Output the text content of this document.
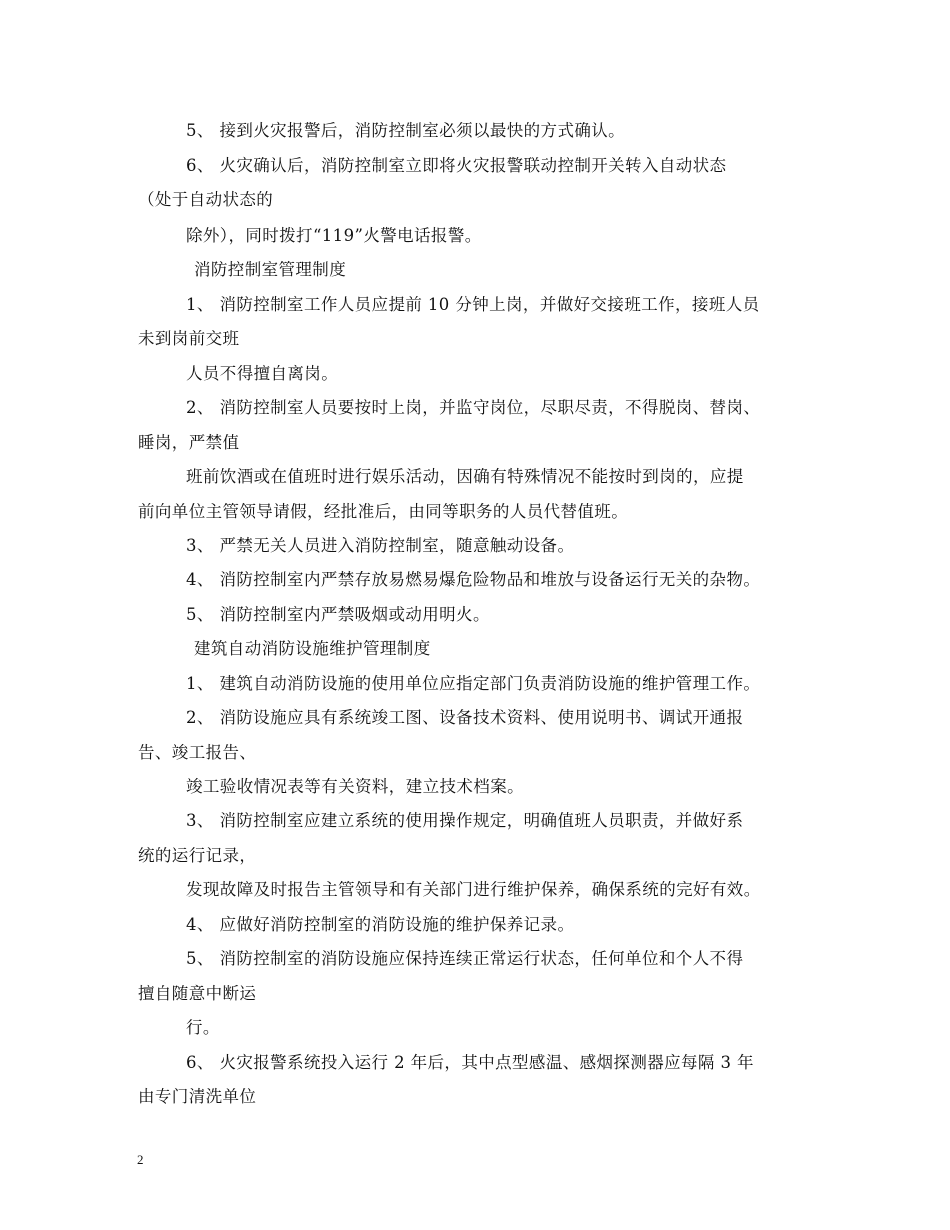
5、 接到火灾报警后，消防控制室必须以最快的方式确认。
6、 火灾确认后，消防控制室立即将火灾报警联动控制开关转入自动状态
（处于自动状态的
除外），同时拨打“119”火警电话报警。
消防控制室管理制度
1、 消防控制室工作人员应提前 10 分钟上岗，并做好交接班工作，接班人员
未到岗前交班
人员不得擅自离岗。
2、 消防控制室人员要按时上岗，并监守岗位，尽职尽责，不得脱岗、替岗、
睡岗，严禁值
班前饮酒或在值班时进行娱乐活动，因确有特殊情况不能按时到岗的，应提
前向单位主管领导请假，经批准后，由同等职务的人员代替值班。
3、 严禁无关人员进入消防控制室，随意触动设备。
4、 消防控制室内严禁存放易燃易爆危险物品和堆放与设备运行无关的杂物。
5、 消防控制室内严禁吸烟或动用明火。
建筑自动消防设施维护管理制度
1、 建筑自动消防设施的使用单位应指定部门负责消防设施的维护管理工作。
2、 消防设施应具有系统竣工图、设备技术资料、使用说明书、调试开通报
告、竣工报告、
竣工验收情况表等有关资料，建立技术档案。
3、 消防控制室应建立系统的使用操作规定，明确值班人员职责，并做好系
统的运行记录，
发现故障及时报告主管领导和有关部门进行维护保养，确保系统的完好有效。
4、 应做好消防控制室的消防设施的维护保养记录。
5、 消防控制室的消防设施应保持连续正常运行状态，任何单位和个人不得
擅自随意中断运
行。
6、 火灾报警系统投入运行 2 年后，其中点型感温、感烟探测器应每隔 3 年
由专门清洗单位
2
